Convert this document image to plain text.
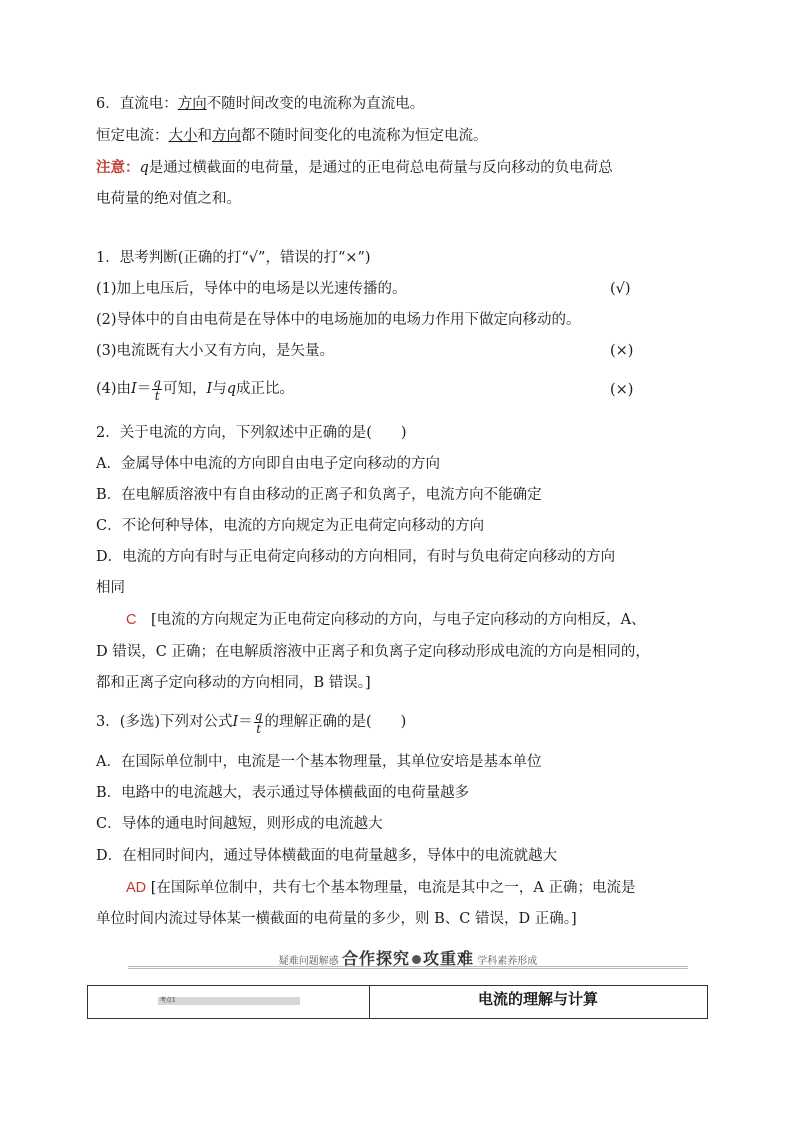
6．直流电：方向不随时间改变的电流称为直流电。
恒定电流：大小和方向都不随时间变化的电流称为恒定电流。
注意：q是通过横截面的电荷量，是通过的正电荷总电荷量与反向移动的负电荷总
电荷量的绝对值之和。
1．思考判断(正确的打“√”，错误的打“×”)
(1)加上电压后，导体中的电场是以光速传播的。	(√)
(2)导体中的自由电荷是在导体中的电场施加的电场力作用下做定向移动的。
(3)电流既有大小又有方向，是矢量。	(×)
(4)由$I= \frac{q}{t}$ 可知，I与q成正比。	(×)
2．关于电流的方向，下列叙述中正确的是(　　)
A．金属导体中电流的方向即自由电子定向移动的方向
B．在电解质溶液中有自由移动的正离子和负离子，电流方向不能确定
C．不论何种导体，电流的方向规定为正电荷定向移动的方向
D．电流的方向有时与正电荷定向移动的方向相同，有时与负电荷定向移动的方向
相同
C　 [电流的方向规定为正电荷定向移动的方向，与电子定向移动的方向相反，A、
D 错误，C 正确；在电解质溶液中正离子和负离子定向移动形成电流的方向是相同的，
都和正离子定向移动的方向相同，B 错误。]
3．(多选)下列对公式$I= \frac{q}{t}$ 的理解正确的是(　　)
A．在国际单位制中，电流是一个基本物理量，其单位安培是基本单位
B．电路中的电流越大，表示通过导体横截面的电荷量越多
C．导体的通电时间越短，则形成的电流越大
D．在相同时间内，通过导体横截面的电荷量越多，导体中的电流就越大
AD [在国际单位制中，共有七个基本物理量，电流是其中之一，A 正确；电流是
单位时间内流过导体某一横截面的电荷量的多少，则 B、C 错误，D 正确。]
疑难问题解惑 合作探究 攻重难 学科素养形成
考点1	电流的理解与计算
